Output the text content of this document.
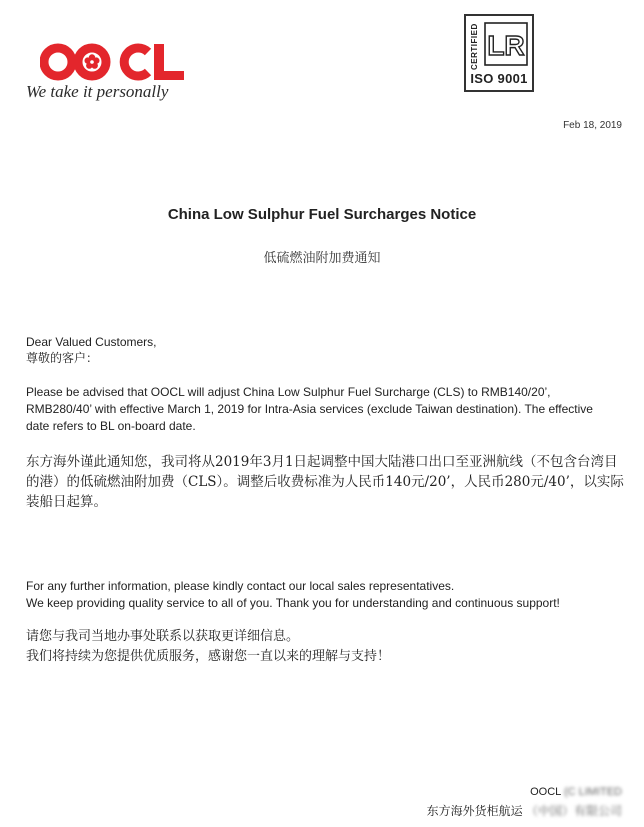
We take it personally
CERTIFIED LR
ISO 9001
Feb 18, 2019
China Low Sulphur Fuel Surcharges Notice
低硫燃油附加费通知
Dear Valued Customers,
尊敬的客户：
Please be advised that OOCL will adjust China Low Sulphur Fuel Surcharge (CLS) to RMB140/20’, RMB280/40’ with effective March 1, 2019 for Intra-Asia services (exclude Taiwan destination). The effective date refers to BL on-board date.
东方海外谨此通知您，我司将从2019年3月1日起调整中国大陆港口出口至亚洲航线（不包含台湾目的港）的低硫燃油附加费（CLS）。调整后收费标准为人民币140元/20’，人民币280元/40’，以实际装船日起算。
For any further information, please kindly contact our local sales representatives.
We keep providing quality service to all of you. Thank you for understanding and continuous support!
请您与我司当地办事处联系以获取更详细信息。
我们将持续为您提供优质服务，感谢您一直以来的理解与支持！
OOCL (C LIMITED
东方海外货柜航运 （中国）有限公司
